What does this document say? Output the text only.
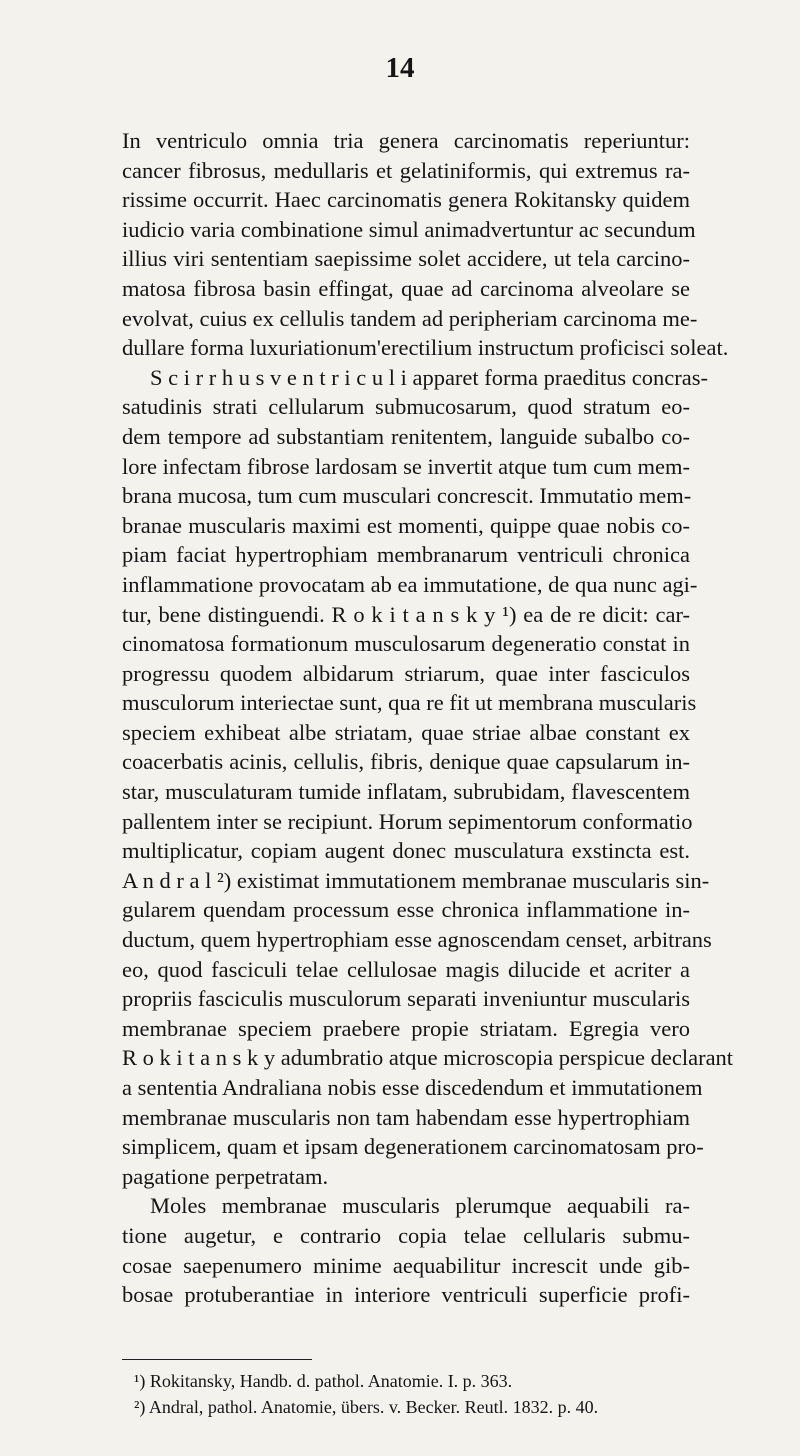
14
In ventriculo omnia tria genera carcinomatis reperiuntur:
cancer fibrosus, medullaris et gelatiniformis, qui extremus ra-
rissime occurrit. Haec carcinomatis genera Rokitansky quidem
iudicio varia combinatione simul animadvertuntur ac secundum
illius viri sententiam saepissime solet accidere, ut tela carcino-
matosa fibrosa basin effingat, quae ad carcinoma alveolare se
evolvat, cuius ex cellulis tandem ad peripheriam carcinoma me-
dullare forma luxuriationum'erectilium instructum proficisci soleat.
S c i r r h u s v e n t r i c u l i apparet forma praeditus concras-
satudinis strati cellularum submucosarum, quod stratum eo-
dem tempore ad substantiam renitentem, languide subalbo co-
lore infectam fibrose lardosam se invertit atque tum cum mem-
brana mucosa, tum cum musculari concrescit. Immutatio mem-
branae muscularis maximi est momenti, quippe quae nobis co-
piam faciat hypertrophiam membranarum ventriculi chronica
inflammatione provocatam ab ea immutatione, de qua nunc agi-
tur, bene distinguendi. R o k i t a n s k y ¹) ea de re dicit: car-
cinomatosa formationum musculosarum degeneratio constat in
progressu quodem albidarum striarum, quae inter fasciculos
musculorum interiectae sunt, qua re fit ut membrana muscularis
speciem exhibeat albe striatam, quae striae albae constant ex
coacerbatis acinis, cellulis, fibris, denique quae capsularum in-
star, musculaturam tumide inflatam, subrubidam, flavescentem
pallentem inter se recipiunt. Horum sepimentorum conformatio
multiplicatur, copiam augent donec musculatura exstincta est.
A n d r a l ²) existimat immutationem membranae muscularis sin-
gularem quendam processum esse chronica inflammatione in-
ductum, quem hypertrophiam esse agnoscendam censet, arbitrans
eo, quod fasciculi telae cellulosae magis dilucide et acriter a
propriis fasciculis musculorum separati inveniuntur muscularis
membranae speciem praebere propie striatam. Egregia vero
R o k i t a n s k y adumbratio atque microscopia perspicue declarant
a sententia Andraliana nobis esse discedendum et immutationem
membranae muscularis non tam habendam esse hypertrophiam
simplicem, quam et ipsam degenerationem carcinomatosam pro-
pagatione perpetratam.
Moles membranae muscularis plerumque aequabili ra-
tione augetur, e contrario copia telae cellularis submu-
cosae saepenumero minime aequabilitur increscit unde gib-
bosae protuberantiae in interiore ventriculi superficie profi-
¹) Rokitansky, Handb. d. pathol. Anatomie. I. p. 363.
²) Andral, pathol. Anatomie, übers. v. Becker. Reutl. 1832. p. 40.
